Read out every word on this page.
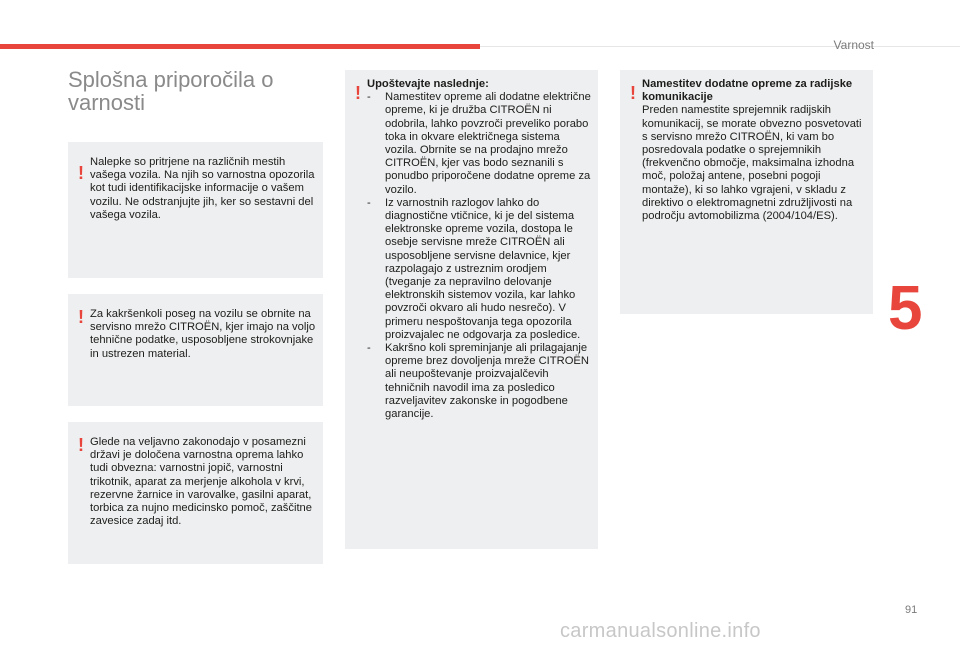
Varnost
5
Splošna priporočila o varnosti
!

Nalepke so pritrjene na različnih mestih vašega vozila. Na njih so varnostna opozorila kot tudi identifikacijske informacije o vašem vozilu. Ne odstranjujte jih, ker so sestavni del vašega vozila.

! Za kakršenkoli poseg na vozilu se obrnite na servisno mrežo CITROËN, kjer imajo na voljo tehnične podatke, usposobljene strokovnjake in ustrezen material.

! Glede na veljavno zakonodajo v posamezni državi je določena varnostna oprema lahko tudi obvezna: varnostni jopič, varnostni trikotnik, aparat za merjenje alkohola v krvi, rezervne žarnice in varovalke, gasilni aparat, torbica za nujno medicinsko pomoč, zaščitne zavesice zadaj itd.

! Upoštevajte naslednje:

-	Namestitev opreme ali dodatne električne opreme, ki je družba CITROËN ni odobrila, lahko povzroči preveliko porabo toka in okvare električnega sistema vozila. Obrnite se na prodajno mrežo CITROËN, kjer vas bodo seznanili s ponudbo priporočene dodatne opreme za vozilo.
-	Iz varnostnih razlogov lahko do diagnostične vtičnice, ki je del sistema elektronske opreme vozila, dostopa le osebje servisne mreže CITROËN ali usposobljene servisne delavnice, kjer razpolagajo z ustreznim orodjem (tveganje za nepravilno delovanje elektronskih sistemov vozila, kar lahko povzroči okvaro ali hudo nesrečo). V primeru nespoštovanja tega opozorila proizvajalec ne odgovarja za posledice.
-	Kakršno koli spreminjanje ali prilagajanje opreme brez dovoljenja mreže CITROËN ali neupoštevanje proizvajalčevih tehničnih navodil ima za posledico razveljavitev zakonske in pogodbene garancije.
! Namestitev dodatne opreme za radijske komunikacije

Preden namestite sprejemnik radijskih komunikacij, se morate obvezno posvetovati s servisno mrežo CITROËN, ki vam bo posredovala podatke o sprejemnikih (frekvenčno območje, maksimalna izhodna moč, položaj antene, posebni pogoji montaže), ki so lahko vgrajeni, v skladu z direktivo o elektromagnetni združljivosti na področju avtomobilizma (2004/104/ES).

91
carmanualsonline.info
